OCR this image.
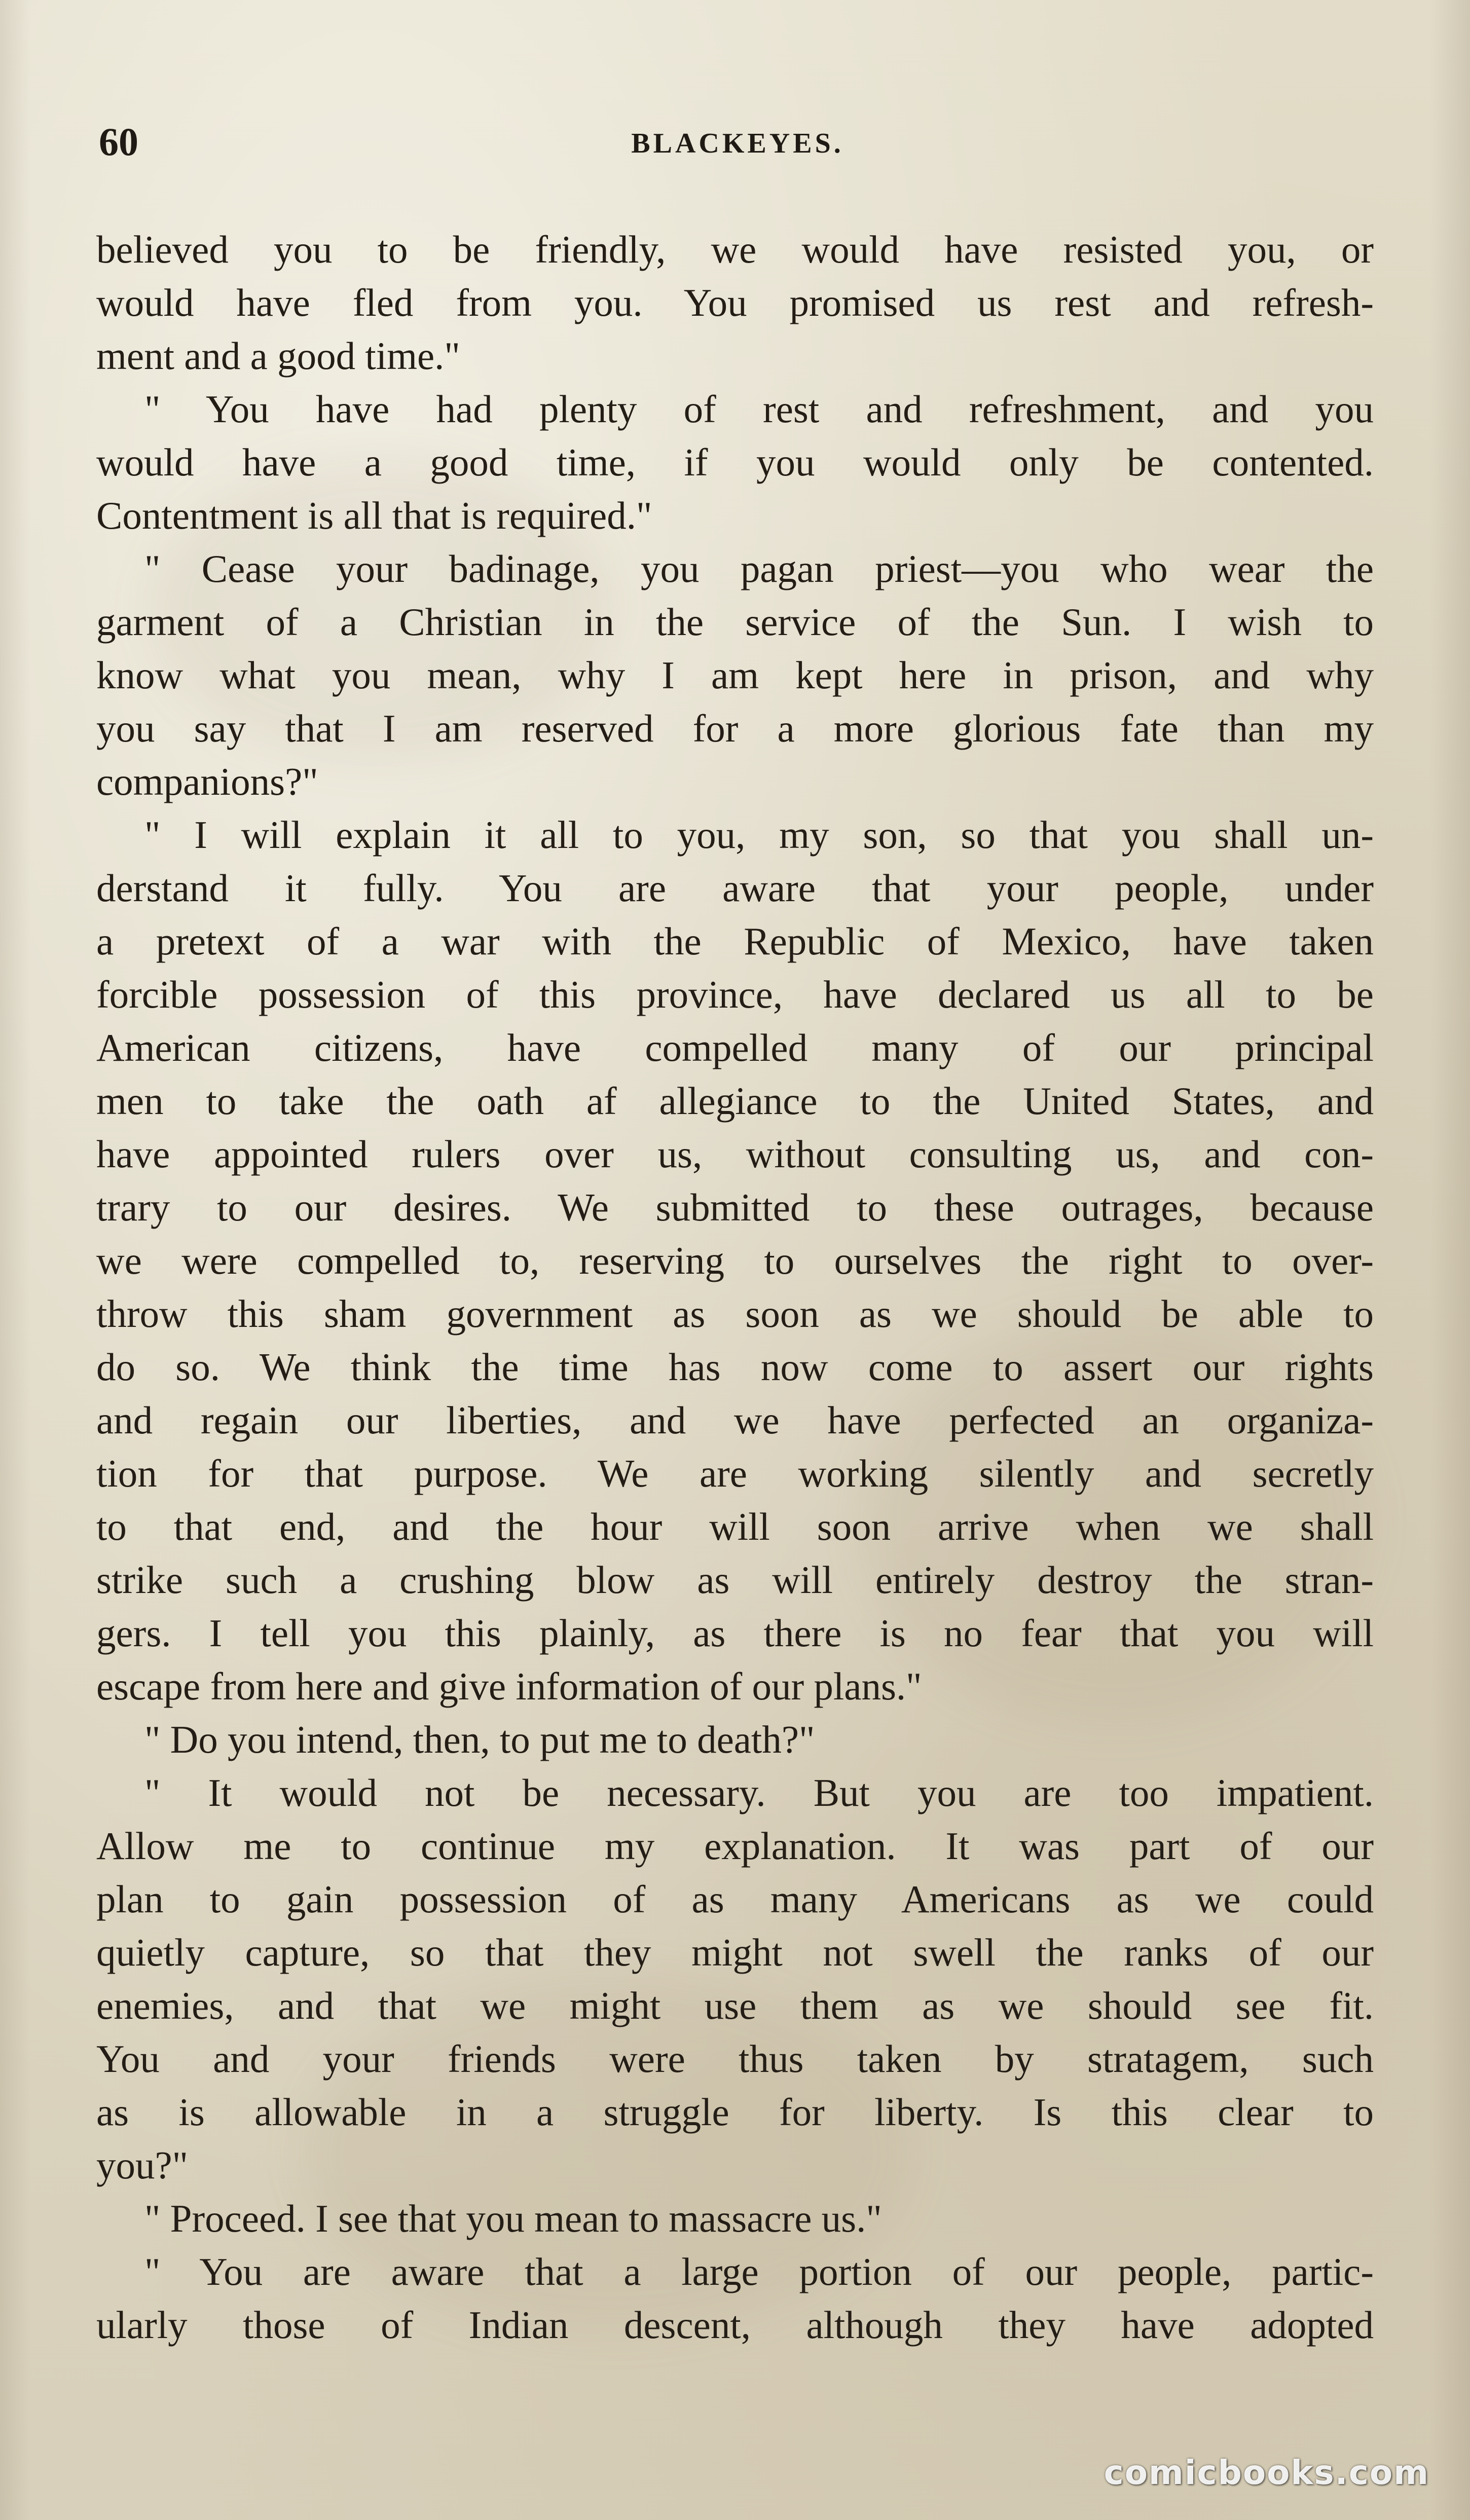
60	BLACKEYES.
believed you to be friendly, we would have resisted you, or
would have fled from you. You promised us rest and refresh-
ment and a good time."
" You have had plenty of rest and refreshment, and you
would have a good time, if you would only be contented.
Contentment is all that is required."
" Cease your badinage, you pagan priest—you who wear the
garment of a Christian in the service of the Sun. I wish to
know what you mean, why I am kept here in prison, and why
you say that I am reserved for a more glorious fate than my
companions?"
" I will explain it all to you, my son, so that you shall un-
derstand it fully. You are aware that your people, under
a pretext of a war with the Republic of Mexico, have taken
forcible possession of this province, have declared us all to be
American citizens, have compelled many of our principal
men to take the oath af allegiance to the United States, and
have appointed rulers over us, without consulting us, and con-
trary to our desires. We submitted to these outrages, because
we were compelled to, reserving to ourselves the right to over-
throw this sham government as soon as we should be able to
do so. We think the time has now come to assert our rights
and regain our liberties, and we have perfected an organiza-
tion for that purpose. We are working silently and secretly
to that end, and the hour will soon arrive when we shall
strike such a crushing blow as will entirely destroy the stran-
gers. I tell you this plainly, as there is no fear that you will
escape from here and give information of our plans."
" Do you intend, then, to put me to death?"
" It would not be necessary. But you are too impatient.
Allow me to continue my explanation. It was part of our
plan to gain possession of as many Americans as we could
quietly capture, so that they might not swell the ranks of our
enemies, and that we might use them as we should see fit.
You and your friends were thus taken by stratagem, such
as is allowable in a struggle for liberty. Is this clear to
you?"
" Proceed. I see that you mean to massacre us."
" You are aware that a large portion of our people, partic-
ularly those of Indian descent, although they have adopted
comicbooks.com
